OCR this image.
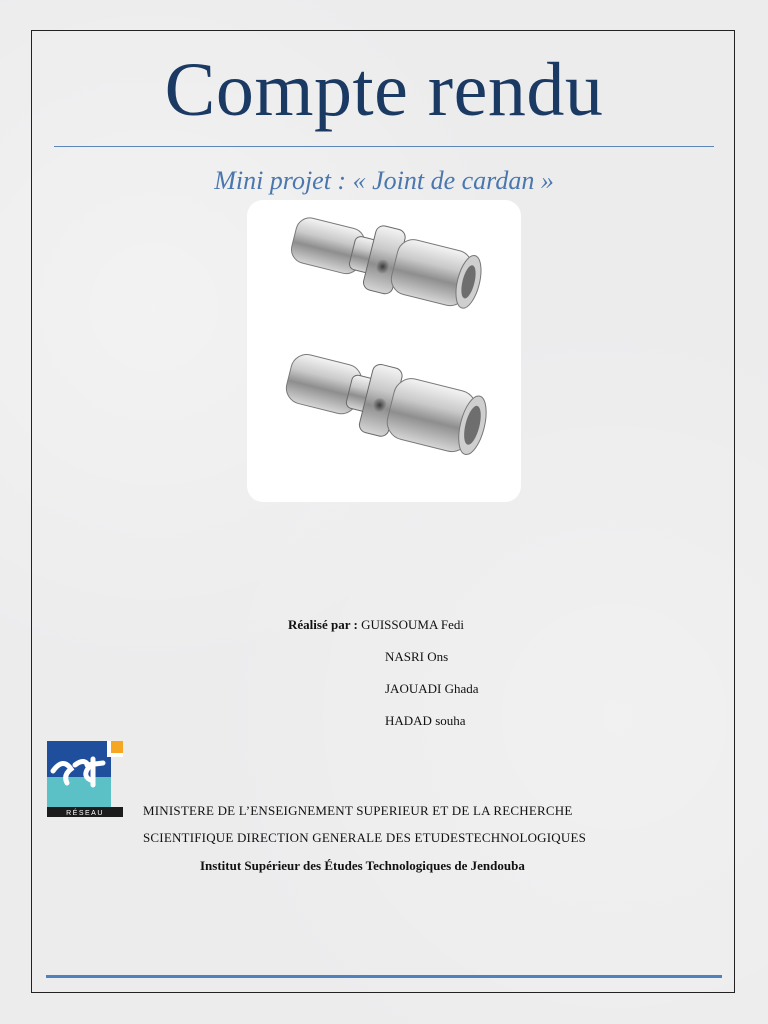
Compte rendu
Mini projet : « Joint de cardan »
Réalisé par : GUISSOUMA Fedi
NASRI Ons
JAOUADI Ghada
HADAD souha
RÉSEAU	MINISTERE DE L’ENSEIGNEMENT SUPERIEUR ET DE LA RECHERCHE
SCIENTIFIQUE DIRECTION GENERALE DES ETUDESTECHNOLOGIQUES
Institut Supérieur des Études Technologiques de Jendouba
